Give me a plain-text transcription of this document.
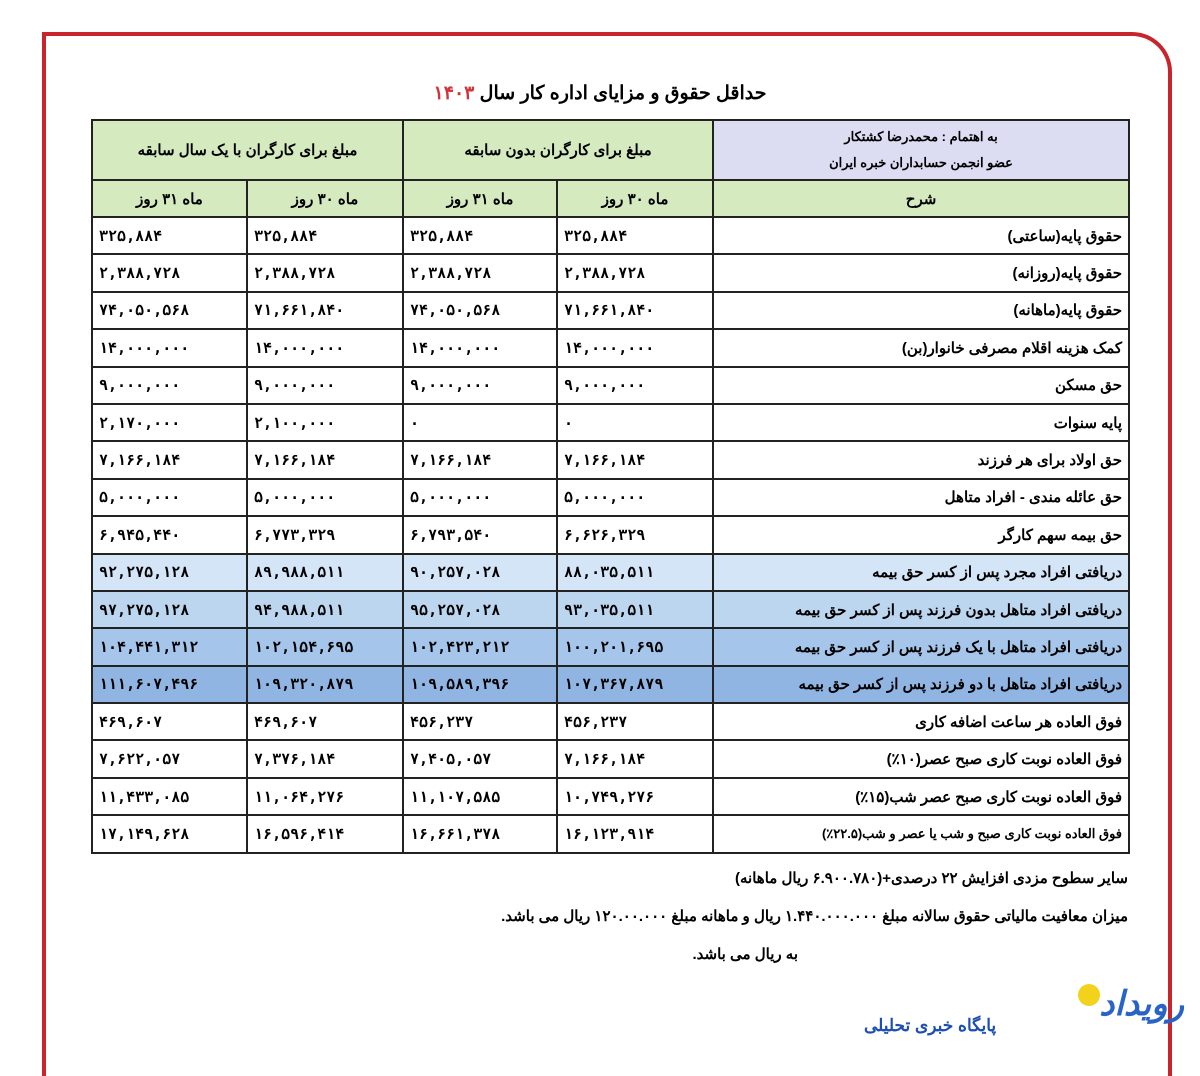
حداقل حقوق و مزایای اداره کار سال ۱۴۰۳
به اهتمام : محمدرضا کشتکار
عضو انجمن حسابداران خبره ایران	مبلغ برای کارگران بدون سابقه		مبلغ برای کارگران با یک سال سابقه	
شرح	ماه ۳۰ روز	ماه ۳۱ روز	ماه ۳۰ روز	ماه ۳۱ روز
حقوق پایه(ساعتی)	۳۲۵,۸۸۴	۳۲۵,۸۸۴	۳۲۵,۸۸۴	۳۲۵,۸۸۴
حقوق پایه(روزانه)	۲,۳۸۸,۷۲۸	۲,۳۸۸,۷۲۸	۲,۳۸۸,۷۲۸	۲,۳۸۸,۷۲۸
حقوق پایه(ماهانه)	۷۱,۶۶۱,۸۴۰	۷۴,۰۵۰,۵۶۸	۷۱,۶۶۱,۸۴۰	۷۴,۰۵۰,۵۶۸
کمک هزینه اقلام مصرفی خانوار(بن)	۱۴,۰۰۰,۰۰۰	۱۴,۰۰۰,۰۰۰	۱۴,۰۰۰,۰۰۰	۱۴,۰۰۰,۰۰۰
حق مسکن	۹,۰۰۰,۰۰۰	۹,۰۰۰,۰۰۰	۹,۰۰۰,۰۰۰	۹,۰۰۰,۰۰۰
پایه سنوات	۰	۰	۲,۱۰۰,۰۰۰	۲,۱۷۰,۰۰۰
حق اولاد برای هر فرزند	۷,۱۶۶,۱۸۴	۷,۱۶۶,۱۸۴	۷,۱۶۶,۱۸۴	۷,۱۶۶,۱۸۴
حق عائله مندی - افراد متاهل	۵,۰۰۰,۰۰۰	۵,۰۰۰,۰۰۰	۵,۰۰۰,۰۰۰	۵,۰۰۰,۰۰۰
حق بیمه سهم کارگر	۶,۶۲۶,۳۲۹	۶,۷۹۳,۵۴۰	۶,۷۷۳,۳۲۹	۶,۹۴۵,۴۴۰
دریافتی افراد مجرد پس از کسر حق بیمه	۸۸,۰۳۵,۵۱۱	۹۰,۲۵۷,۰۲۸	۸۹,۹۸۸,۵۱۱	۹۲,۲۷۵,۱۲۸
دریافتی افراد متاهل بدون فرزند پس از کسر حق بیمه	۹۳,۰۳۵,۵۱۱	۹۵,۲۵۷,۰۲۸	۹۴,۹۸۸,۵۱۱	۹۷,۲۷۵,۱۲۸
دریافتی افراد متاهل با یک فرزند پس از کسر حق بیمه	۱۰۰,۲۰۱,۶۹۵	۱۰۲,۴۲۳,۲۱۲	۱۰۲,۱۵۴,۶۹۵	۱۰۴,۴۴۱,۳۱۲
دریافتی افراد متاهل با دو فرزند پس از کسر حق بیمه	۱۰۷,۳۶۷,۸۷۹	۱۰۹,۵۸۹,۳۹۶	۱۰۹,۳۲۰,۸۷۹	۱۱۱,۶۰۷,۴۹۶
فوق العاده هر ساعت اضافه کاری	۴۵۶,۲۳۷	۴۵۶,۲۳۷	۴۶۹,۶۰۷	۴۶۹,۶۰۷
فوق العاده نوبت کاری صبح عصر(۱۰٪)	۷,۱۶۶,۱۸۴	۷,۴۰۵,۰۵۷	۷,۳۷۶,۱۸۴	۷,۶۲۲,۰۵۷
فوق العاده نوبت کاری صبح عصر شب(۱۵٪)	۱۰,۷۴۹,۲۷۶	۱۱,۱۰۷,۵۸۵	۱۱,۰۶۴,۲۷۶	۱۱,۴۳۳,۰۸۵
فوق العاده نوبت کاری صبح و شب یا عصر و شب(۲۲.۵٪)	۱۶,۱۲۳,۹۱۴	۱۶,۶۶۱,۳۷۸	۱۶,۵۹۶,۴۱۴	۱۷,۱۴۹,۶۲۸
سایر سطوح مزدی افزایش ۲۲ درصدی+(۶.۹۰۰.۷۸۰ ریال ماهانه)
میزان معافیت مالیاتی حقوق سالانه مبلغ ۱.۴۴۰.۰۰۰.۰۰۰ ریال و ماهانه مبلغ ۱۲۰.۰۰.۰۰۰ ریال می باشد.
به ریال می باشد.
رویداد
پایگاه خبری تحلیلی
